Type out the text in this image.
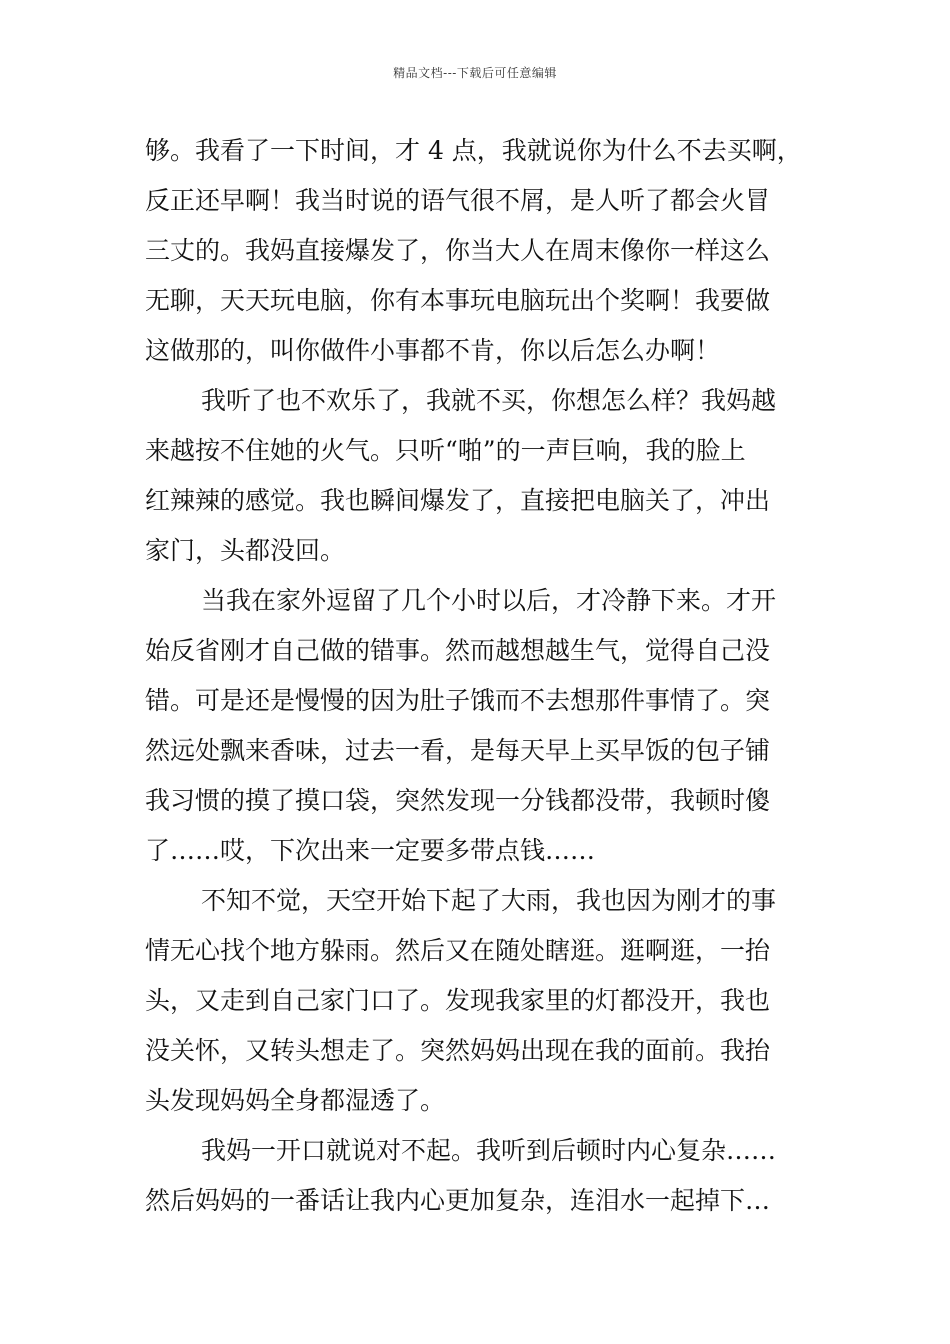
精品文档---下载后可任意编辑
够。我看了一下时间，才 4 点，我就说你为什么不去买啊，
反正还早啊！我当时说的语气很不屑，是人听了都会火冒
三丈的。我妈直接爆发了，你当大人在周末像你一样这么
无聊，天天玩电脑，你有本事玩电脑玩出个奖啊！我要做
这做那的，叫你做件小事都不肯，你以后怎么办啊！
我听了也不欢乐了，我就不买，你想怎么样？我妈越
来越按不住她的火气。只听“啪”的一声巨响，我的脸上
红辣辣的感觉。我也瞬间爆发了，直接把电脑关了，冲出
家门，头都没回。
当我在家外逗留了几个小时以后，才冷静下来。才开
始反省刚才自己做的错事。然而越想越生气，觉得自己没
错。可是还是慢慢的因为肚子饿而不去想那件事情了。突
然远处飘来香味，过去一看，是每天早上买早饭的包子铺
我习惯的摸了摸口袋，突然发现一分钱都没带，我顿时傻
了……哎，下次出来一定要多带点钱……
不知不觉，天空开始下起了大雨，我也因为刚才的事
情无心找个地方躲雨。然后又在随处瞎逛。逛啊逛，一抬
头，又走到自己家门口了。发现我家里的灯都没开，我也
没关怀，又转头想走了。突然妈妈出现在我的面前。我抬
头发现妈妈全身都湿透了。
我妈一开口就说对不起。我听到后顿时内心复杂……
然后妈妈的一番话让我内心更加复杂，连泪水一起掉下…
